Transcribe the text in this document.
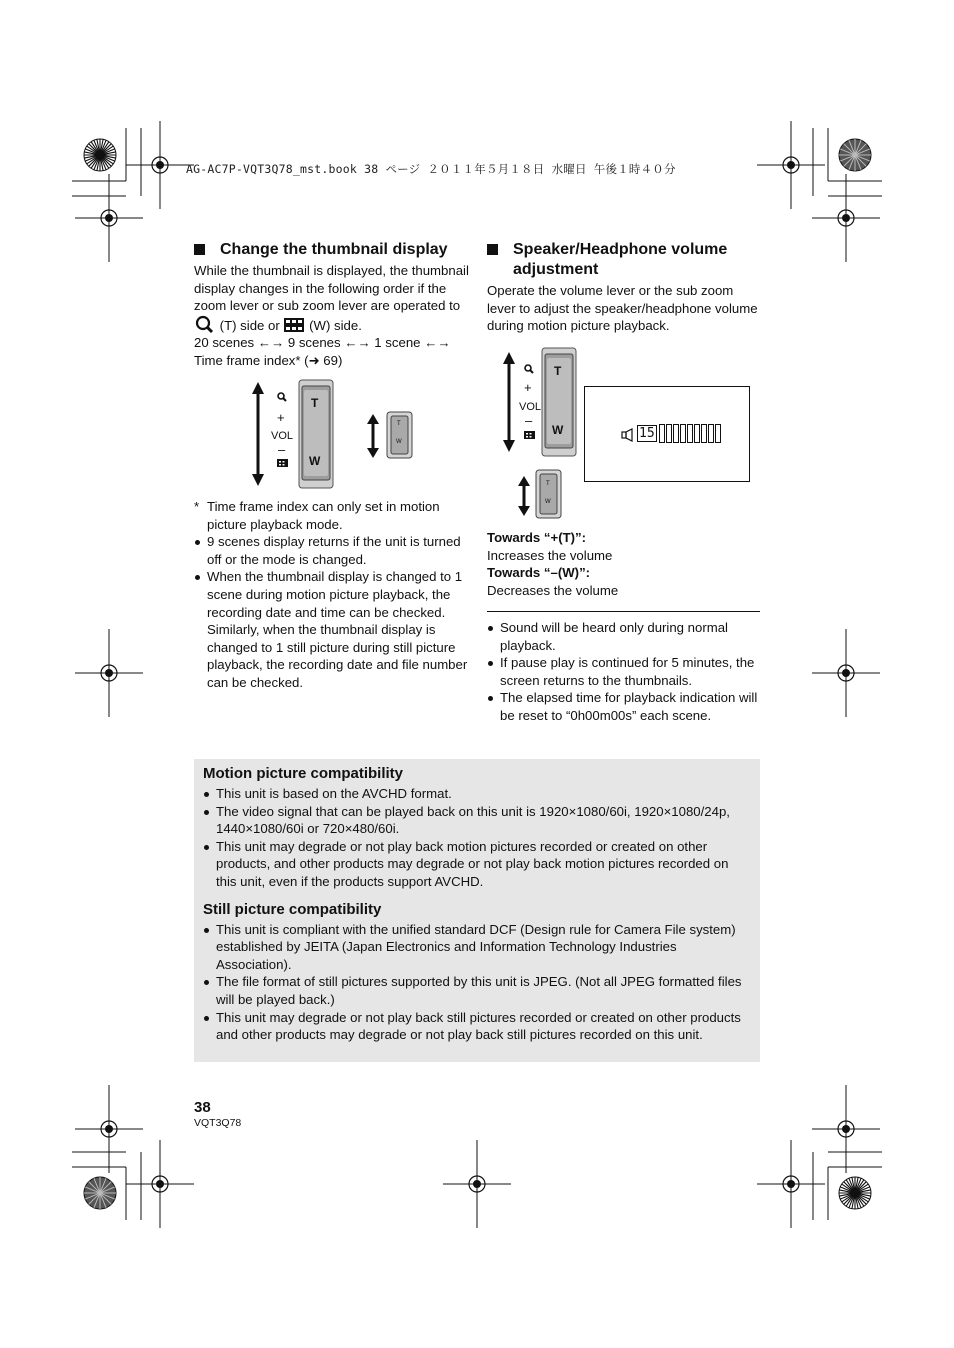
AG-AC7P-VQT3Q78_mst.book 38 ページ ２０１１年５月１８日 水曜日 午後１時４０分
Change the thumbnail display

While the thumbnail is displayed, the thumbnail display changes in the following order if the zoom lever or sub zoom lever are operated to  (T) side or (W) side.
20 scenes ←→ 9 scenes ←→ 1 scene ←→
Time frame index* (➜ 69)

+
VOL
–
T
W
T
W
* Time frame index can only set in motion picture playback mode.
9 scenes display returns if the unit is turned off or the mode is changed.
When the thumbnail display is changed to 1 scene during motion picture playback, the recording date and time can be checked. Similarly, when the thumbnail display is changed to 1 still picture during still picture playback, the recording date and file number can be checked.
Speaker/Headphone volume adjustment

Operate the volume lever or the sub zoom lever to adjust the speaker/headphone volume during motion picture playback.

+
VOL
–
T
W
T
W
15
Towards “+(T)”:
Increases the volume
Towards “–(W)”:
Decreases the volume
Sound will be heard only during normal playback.
If pause play is continued for 5 minutes, the screen returns to the thumbnails.
The elapsed time for playback indication will be reset to “0h00m00s” each scene.
Motion picture compatibility
This unit is based on the AVCHD format.
The video signal that can be played back on this unit is 1920×1080/60i, 1920×1080/24p, 1440×1080/60i or 720×480/60i.
This unit may degrade or not play back motion pictures recorded or created on other products, and other products may degrade or not play back motion pictures recorded on this unit, even if the products support AVCHD.
Still picture compatibility
This unit is compliant with the unified standard DCF (Design rule for Camera File system) established by JEITA (Japan Electronics and Information Technology Industries Association).
The file format of still pictures supported by this unit is JPEG. (Not all JPEG formatted files will be played back.)
This unit may degrade or not play back still pictures recorded or created on other products and other products may degrade or not play back still pictures recorded on this unit.
38
VQT3Q78
